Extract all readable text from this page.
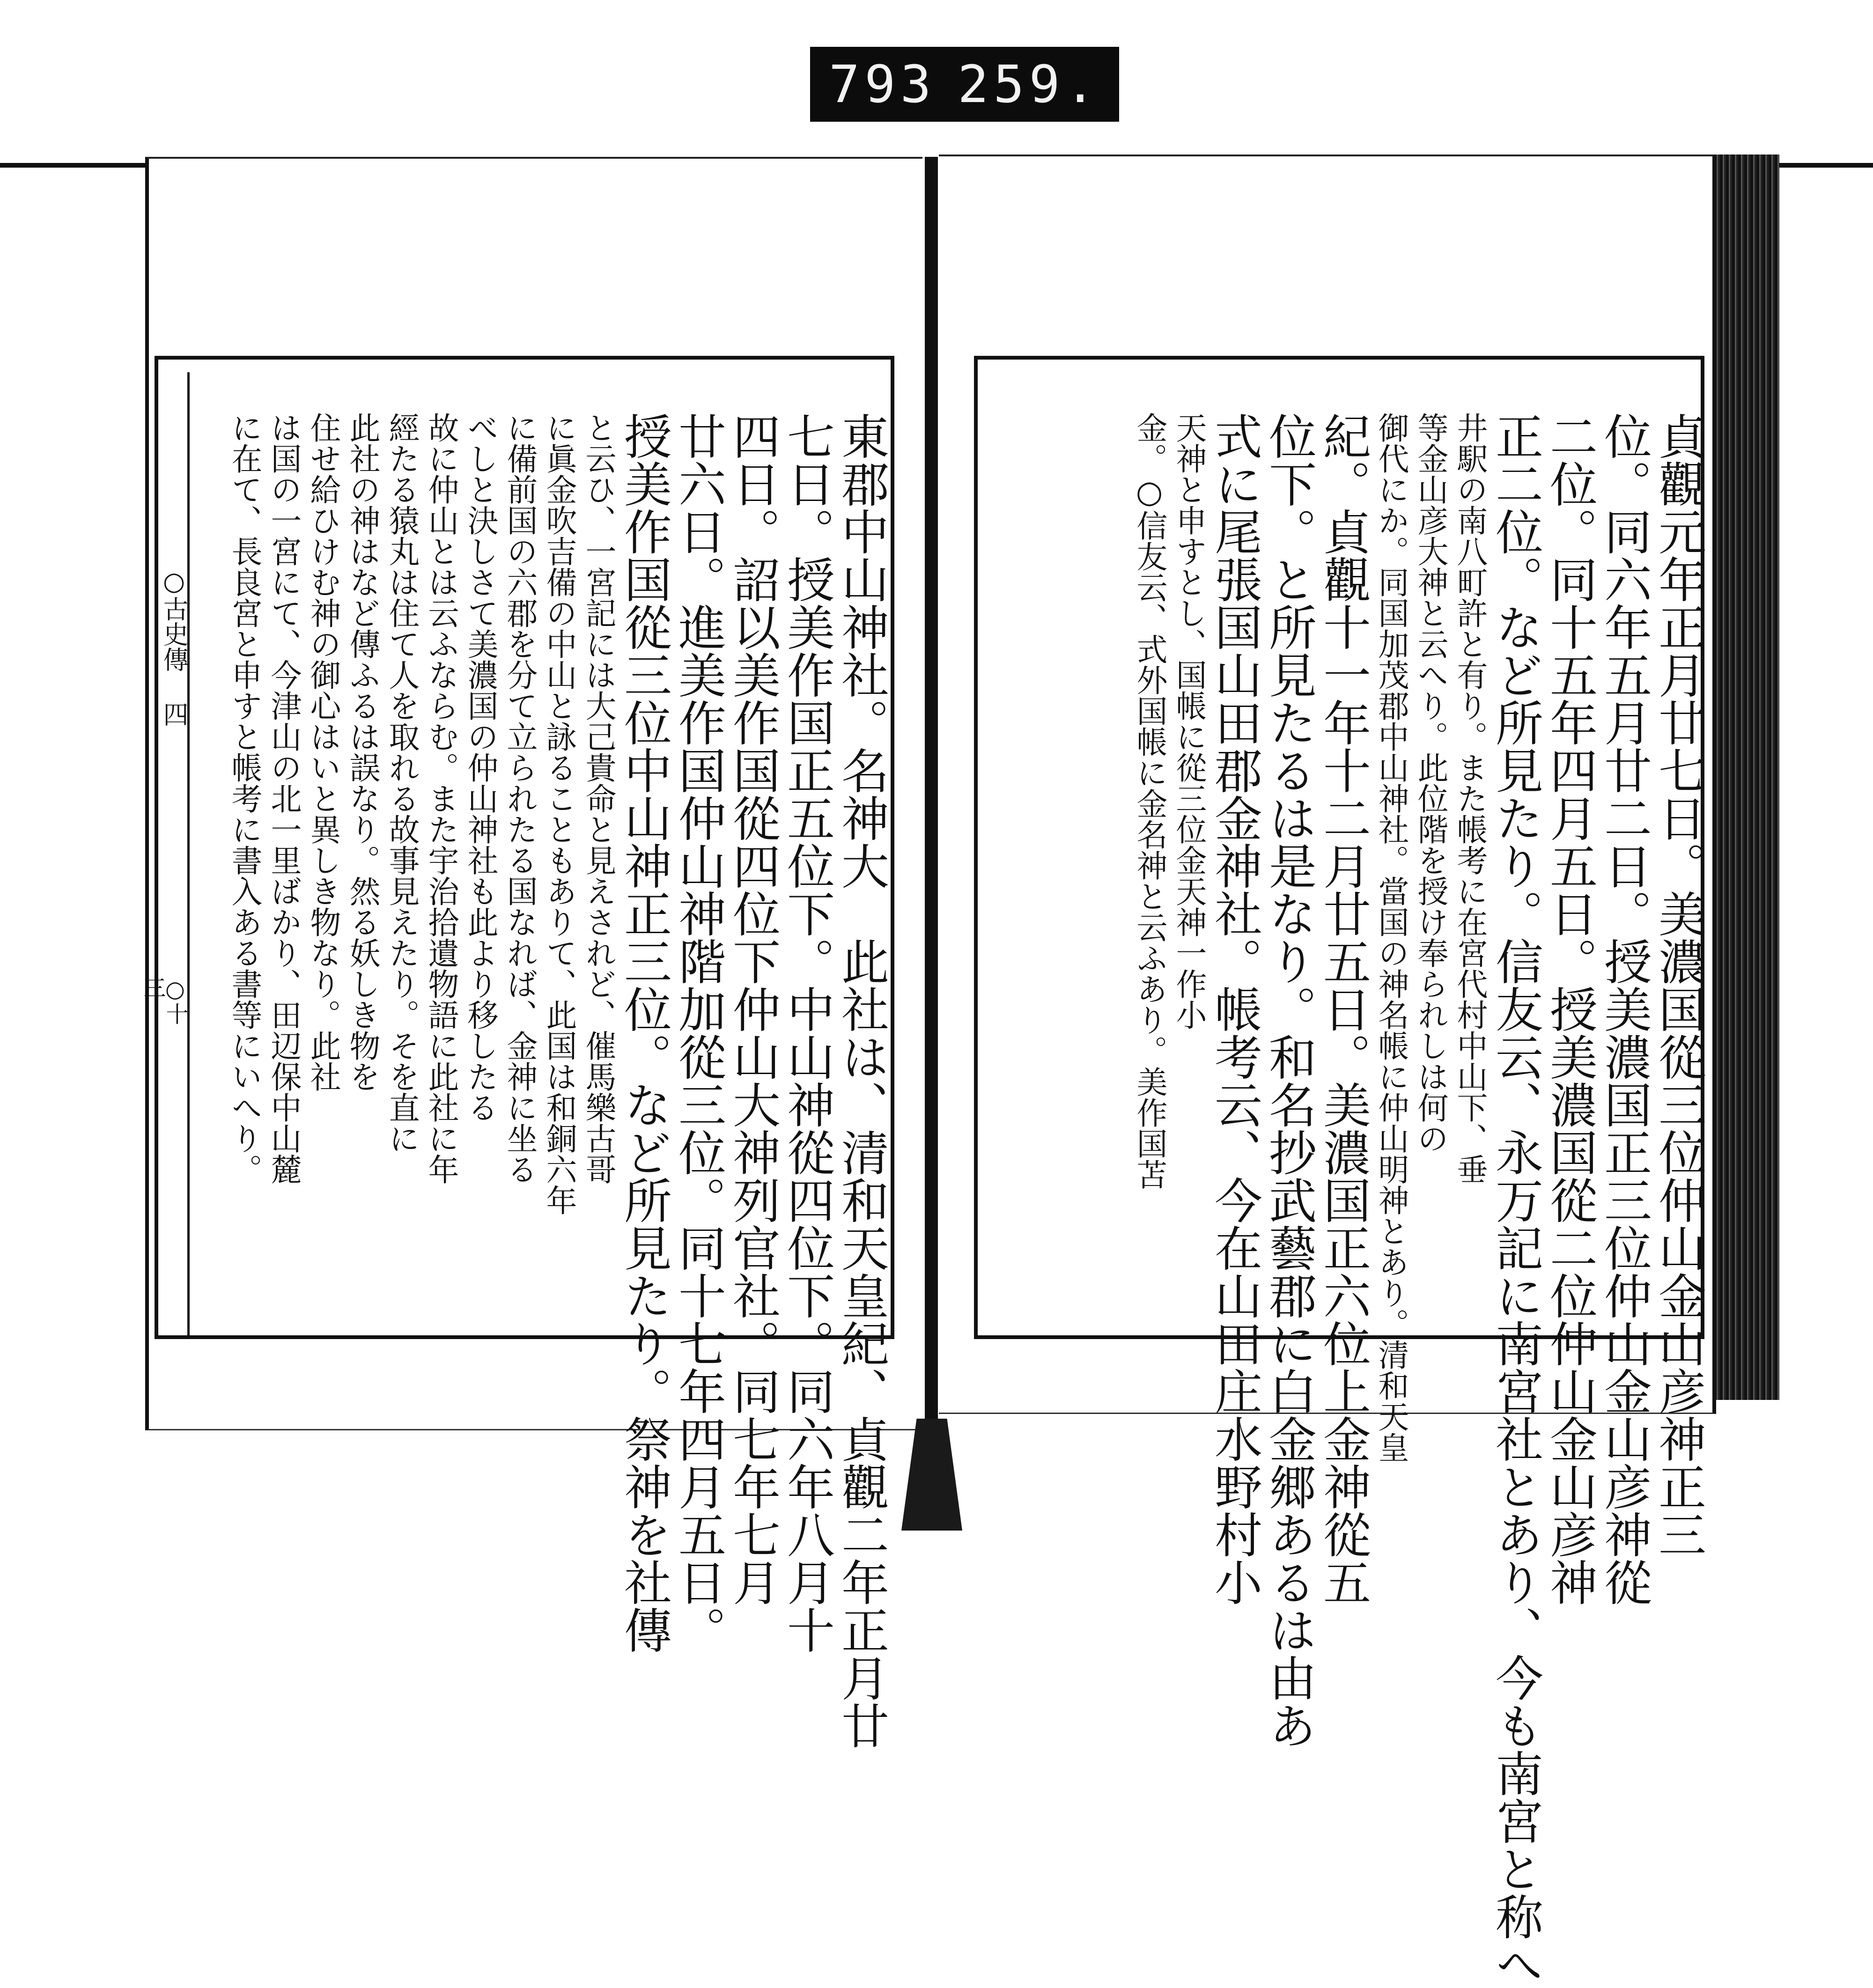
793 259.
○古史傳 四
○十三	東郡中山神社。名神大　此社は、清和天皇紀、貞觀二年正月廿
七日。授美作国正五位下。中山神從四位下。同六年八月十
四日。詔以美作国從四位下仲山大神列官社。同七年七月
廿六日。進美作国仲山神階加從三位。同十七年四月五日。
授美作国從三位中山神正三位。など所見たり。祭神を社傳
と云ひ、一宮記には大己貴命と見えされど、催馬樂古哥
に眞金吹吉備の中山と詠ることもありて、此国は和銅六年
に備前国の六郡を分て立られたる国なれば、金神に坐る
べしと決しさて美濃国の仲山神社も此より移したる
故に仲山とは云ふならむ。また宇治拾遺物語に此社に年
經たる猿丸は住て人を取れる故事見えたり。そを直に
此社の神はなど傳ふるは誤なり。然る妖しき物を
住せ給ひけむ神の御心はいと異しき物なり。此社
は国の一宮にて、今津山の北一里ばかり、田辺保中山麓
に在て、長良宮と申すと帳考に書入ある書等にいへり。	貞觀元年正月廿七日。美濃国從三位仲山金山彦神正三
位。同六年五月廿二日。授美濃国正三位仲山金山彦神從
二位。同十五年四月五日。授美濃国從二位仲山金山彦神
正二位。など所見たり。信友云、永万記に南宮社とあり、今も南宮と称へ
井駅の南八町許と有り。また帳考に在宮代村中山下、垂
等金山彦大神と云へり。此位階を授け奉られしは何の
御代にか。同国加茂郡中山神社。當国の神名帳に仲山明神とあり。清和天皇
紀。貞觀十一年十二月廿五日。美濃国正六位上金神從五
位下。と所見たるは是なり。和名抄武藝郡に白金郷あるは由あ
式に尾張国山田郡金神社。帳考云、今在山田庄水野村小
天神と申すとし、国帳に從三位金天神一作小
金。○信友云、式外国帳に金名神と云ふあり。美作国苫
